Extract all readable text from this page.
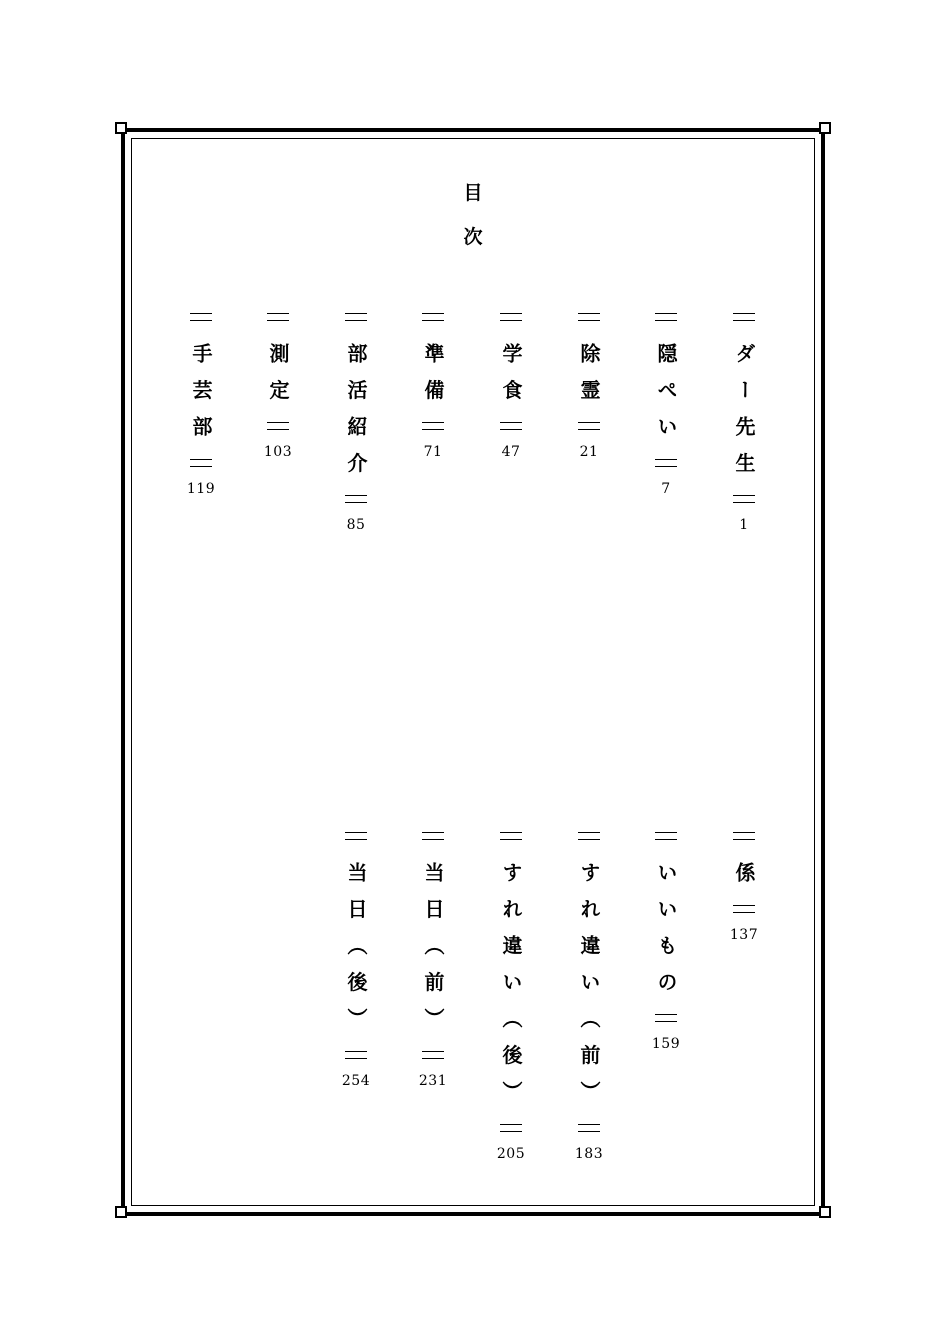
目
次
ダー先生
1
隠ぺい
7
除霊
21
学食
47
準備
71
部活紹介
85
測定
103
手芸部
119
係
137
いいもの
159
すれ違い（前）
183
すれ違い（後）
205
当日（前）
231
当日（後）
254
